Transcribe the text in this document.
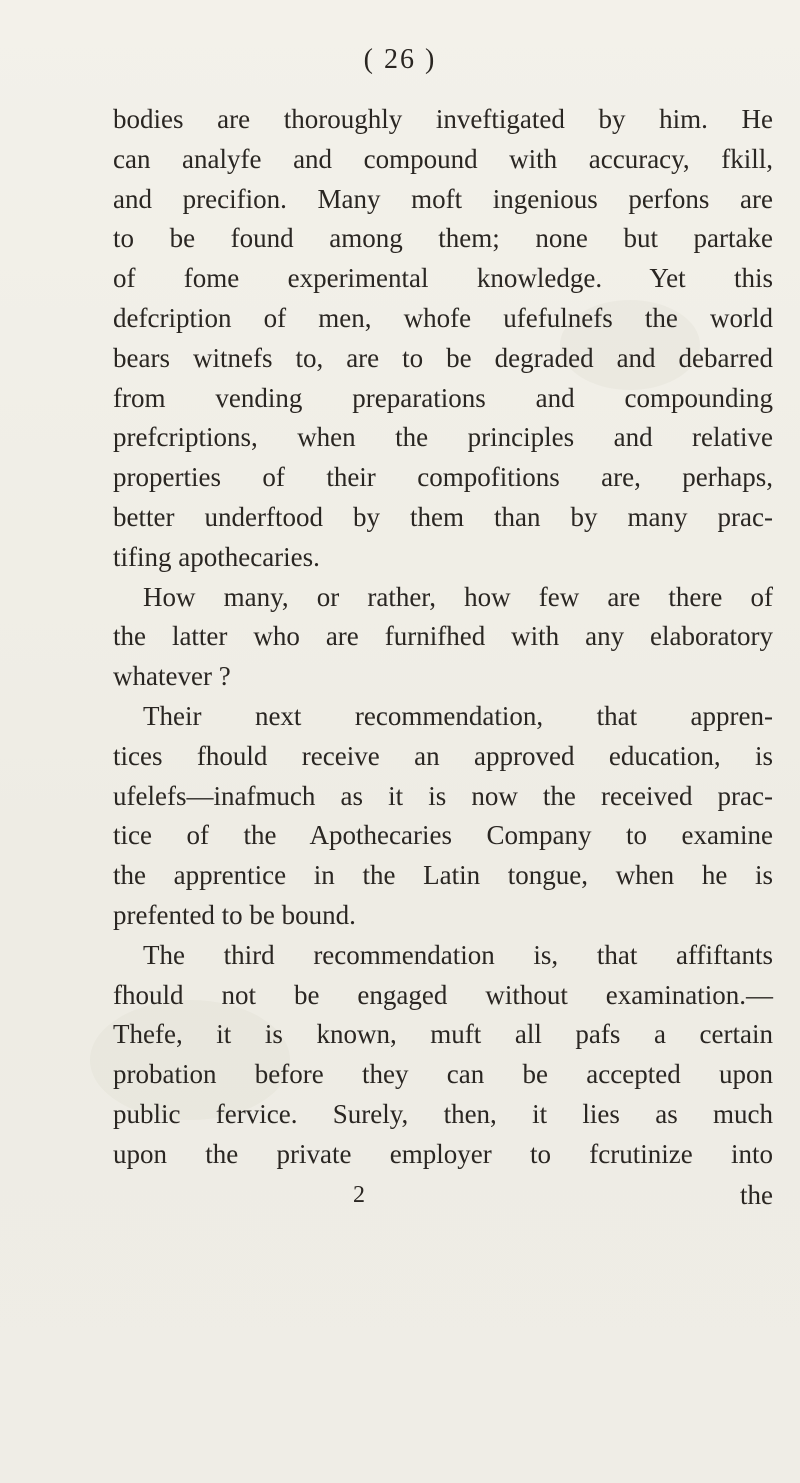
( 26 )
bodies are thoroughly inveftigated by him. He
can analyfe and compound with accuracy, fkill,
and precifion. Many moft ingenious perfons are
to be found among them; none but partake
of fome experimental knowledge. Yet this
defcription of men, whofe ufefulnefs the world
bears witnefs to, are to be degraded and debarred
from vending preparations and compounding
prefcriptions, when the principles and relative
properties of their compofitions are, perhaps,
better underftood by them than by many prac-
tifing apothecaries.
How many, or rather, how few are there of
the latter who are furnifhed with any elaboratory
whatever ?
Their next recommendation, that appren-
tices fhould receive an approved education, is
ufelefs—inafmuch as it is now the received prac-
tice of the Apothecaries Company to examine
the apprentice in the Latin tongue, when he is
prefented to be bound.
The third recommendation is, that affiftants
fhould not be engaged without examination.—
Thefe, it is known, muft all pafs a certain
probation before they can be accepted upon
public fervice. Surely, then, it lies as much
upon the private employer to fcrutinize into
2	the
